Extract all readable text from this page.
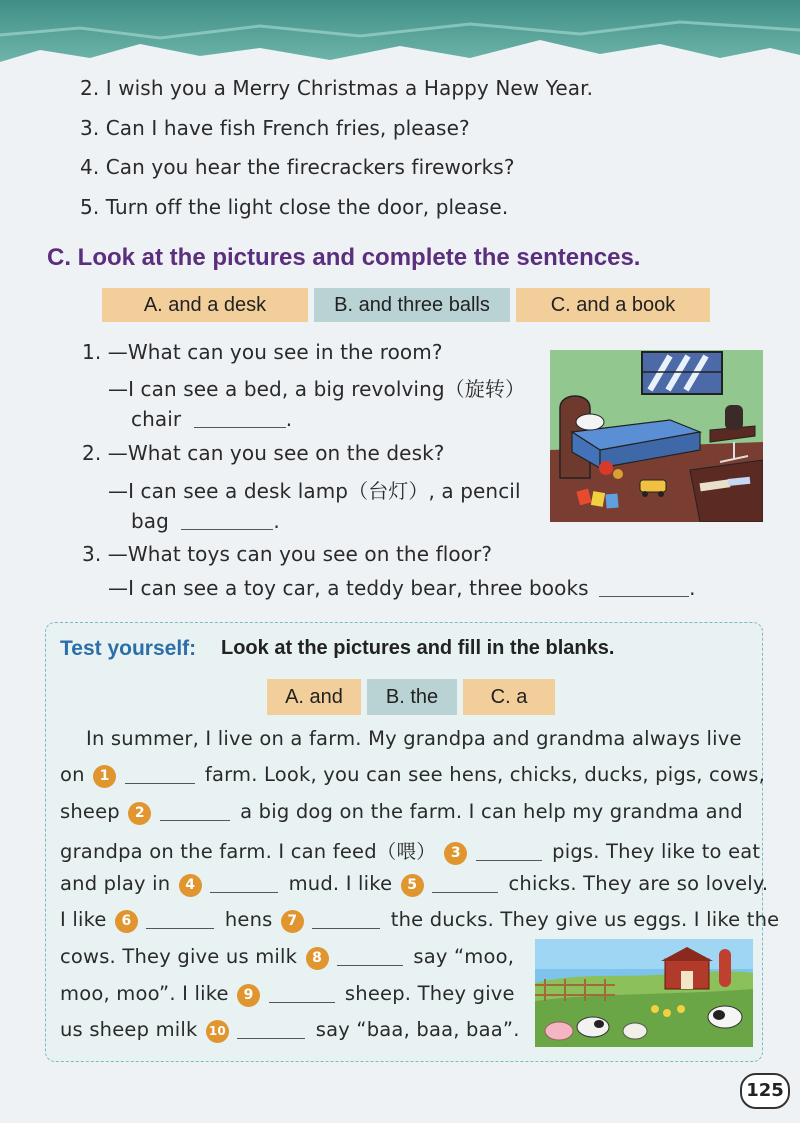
2. I wish you a Merry Christmas a Happy New Year.
3. Can I have fish French fries, please?
4. Can you hear the firecrackers fireworks?
5. Turn off the light close the door, please.
C. Look at the pictures and complete the sentences.
A. and a desk	B. and three balls	C. and a book
1. —What can you see in the room?
—I can see a bed, a big revolving（旋转）
chair	.
2. —What can you see on the desk?
—I can see a desk lamp（台灯）, a pencil
bag	.
3. —What toys can you see on the floor?
—I can see a toy car, a teddy bear, three books	.
Test yourself: Look at the pictures and fill in the blanks.
A. and	B. the	C. a
In summer, I live on a farm. My grandpa and grandma always live
on 1	farm. Look, you can see hens, chicks, ducks, pigs, cows,
sheep 2	a big dog on the farm. I can help my grandma and
grandpa on the farm. I can feed（喂） 3	pigs. They like to eat
and play in 4	mud. I like 5	chicks. They are so lovely.
I like 6	hens 7	the ducks. They give us eggs. I like the
cows. They give us milk 8	say “moo,
moo, moo”. I like 9	sheep. They give
us sheep milk 10	say “baa, baa, baa”.
125
